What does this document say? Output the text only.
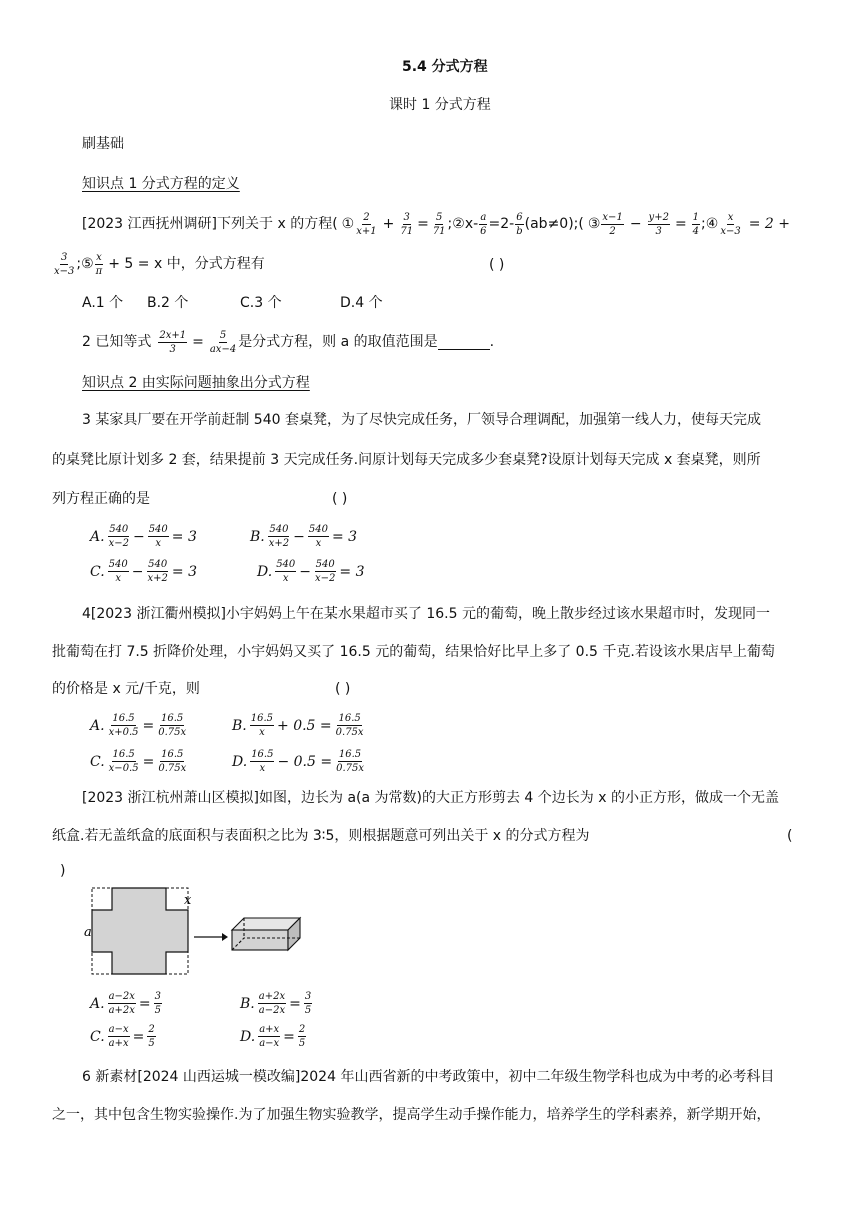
5.4 分式方程
课时 1 分式方程
刷基础
知识点 1 分式方程的定义
[2023 江西抚州调研]下列关于 x 的方程( ① $\frac{2}{x+1} + \frac{3}{71} = \frac{5}{71}$ ;②x- $\frac{a}{6} =2- \frac{6}{b}$ (ab≠0);( ③ $\frac{x-1}{2} - \frac{y+2}{3} = \frac{1}{4}$ ; ④ $\frac{x}{x-3} = 2$ +
$\frac{3}{x-3}$ ; ⑤ $\frac{x}{\pi} + 5 = x$ 中，分式方程有	( )
A.1 个 B.2 个	C.3 个	D.4 个
2 已知等式 $\frac{2x+1}{3} = \frac{5}{ax-4}$ 是分式方程，则 a 的取值范围是	.
知识点 2 由实际问题抽象出分式方程
3 某家具厂要在开学前赶制 540 套桌凳，为了尽快完成任务，厂领导合理调配，加强第一线人力，使每天完成
的桌凳比原计划多 2 套，结果提前 3 天完成任务.问原计划每天完成多少套桌凳?设原计划每天完成 x 套桌凳，则所
列方程正确的是	( )
A. $\frac{540}{x-2} - \frac{540}{x} = 3$	B. $\frac{540}{x+2} - \frac{540}{x} = 3$
C. $\frac{540}{x} - \frac{540}{x+2} = 3$	D. $\frac{540}{x} - \frac{540}{x-2} = 3$
4[2023 浙江衢州模拟]小宇妈妈上午在某水果超市买了 16.5 元的葡萄，晚上散步经过该水果超市时，发现同一
批葡萄在打 7.5 折降价处理，小宇妈妈又买了 16.5 元的葡萄，结果恰好比早上多了 0.5 千克.若设该水果店早上葡萄
的价格是 x 元/千克，则	( )
A. $\frac{16.5}{x+0.5} = \frac{16.5}{0.75x}$	B. $\frac{16.5}{x} + 0.5 = \frac{16.5}{0.75x}$
C. $\frac{16.5}{x-0.5} = \frac{16.5}{0.75x}$	D. $\frac{16.5}{x} - 0.5 = \frac{16.5}{0.75x}$
[2023 浙江杭州萧山区模拟]如图，边长为 a(a 为常数)的大正方形剪去 4 个边长为 x 的小正方形，做成一个无盖
纸盒.若无盖纸盒的底面积与表面积之比为 3∶5，则根据题意可列出关于 x 的分式方程为	(
)
a
x
A. $\frac{a-2x}{a+2x} = \frac{3}{5}$	B. $\frac{a+2x}{a-2x} = \frac{3}{5}$
C. $\frac{a-x}{a+x} = \frac{2}{5}$	D. $\frac{a+x}{a-x} = \frac{2}{5}$
6 新素材[2024 山西运城一模改编]2024 年山西省新的中考政策中，初中二年级生物学科也成为中考的必考科目
之一，其中包含生物实验操作.为了加强生物实验教学，提高学生动手操作能力，培养学生的学科素养，新学期开始，
